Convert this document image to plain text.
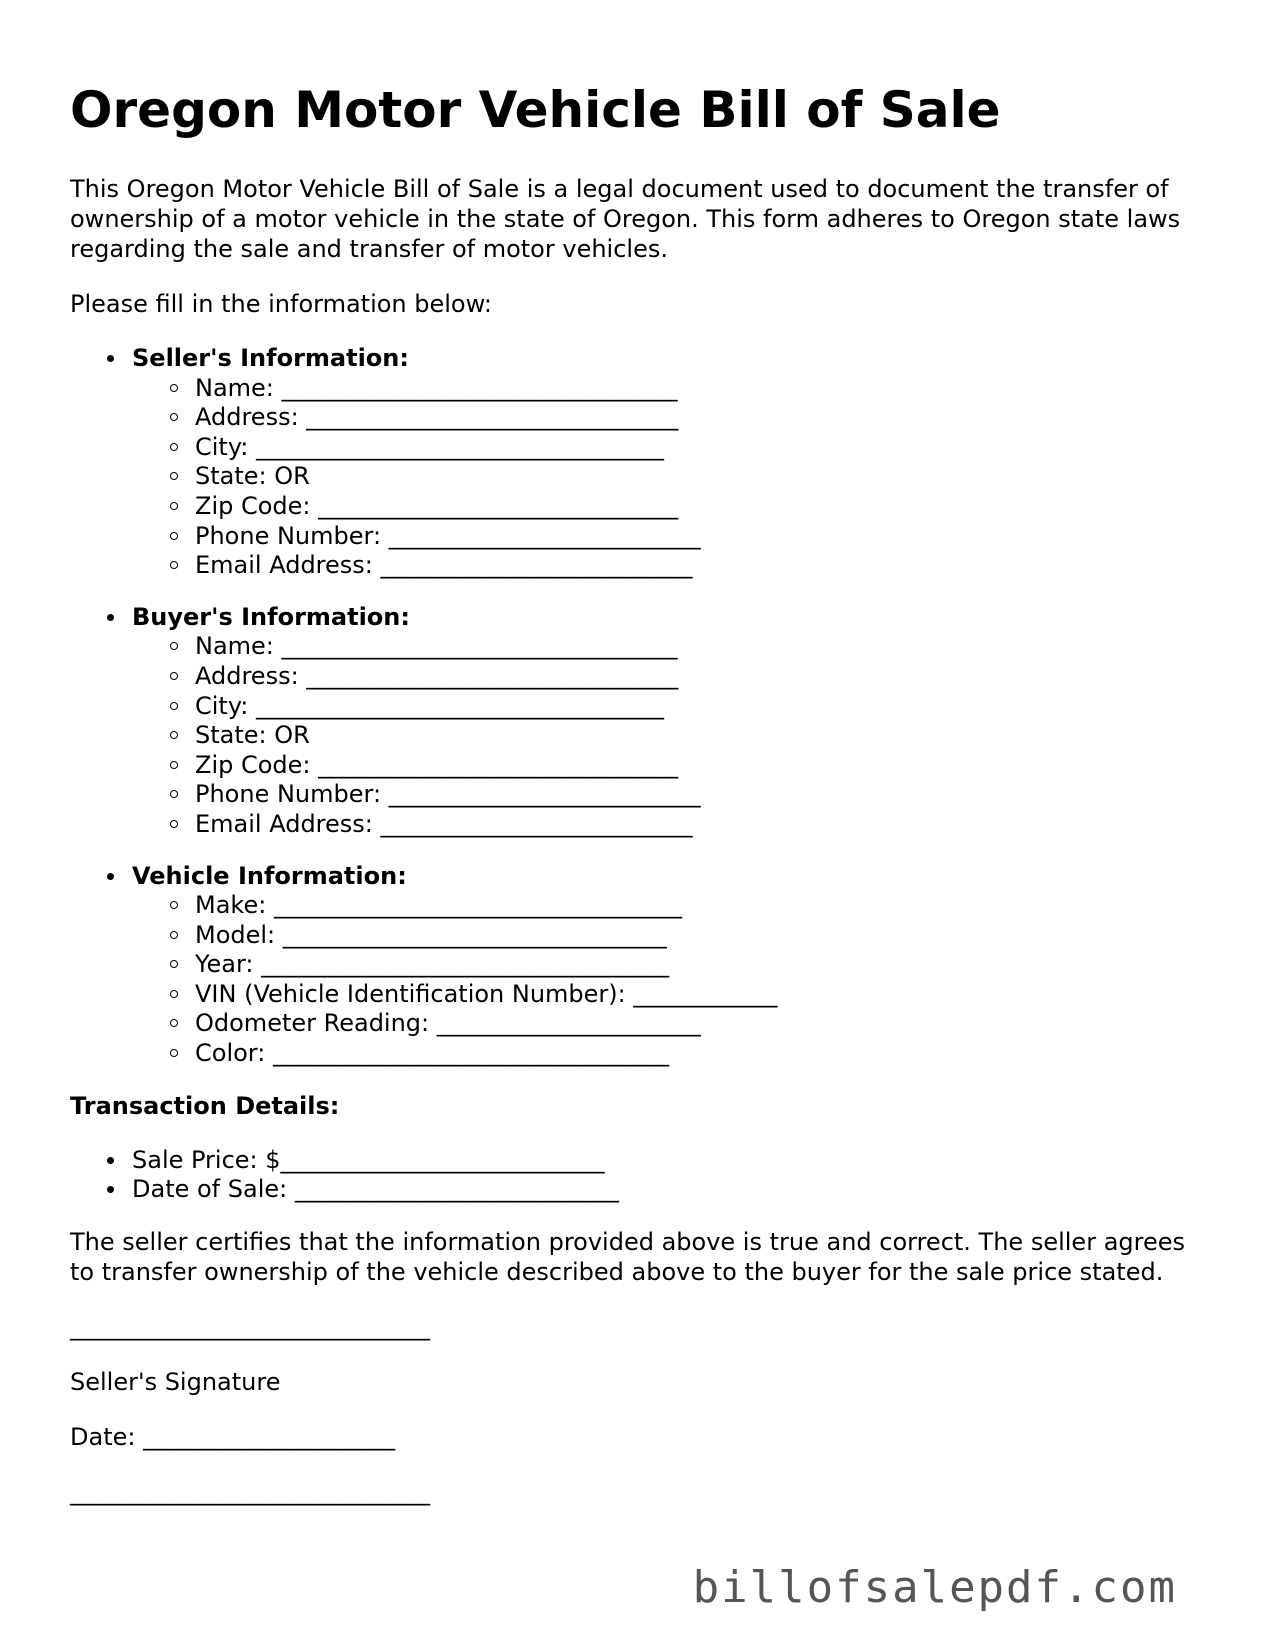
Oregon Motor Vehicle Bill of Sale

This Oregon Motor Vehicle Bill of Sale is a legal document used to document the transfer of ownership of a motor vehicle in the state of Oregon. This form adheres to Oregon state laws regarding the sale and transfer of motor vehicles.

Please fill in the information below:

Seller's Information:
Name: _________________________________
Address: _______________________________
City: __________________________________
State: OR
Zip Code: ______________________________
Phone Number: __________________________
Email Address: __________________________
Buyer's Information:
Name: _________________________________
Address: _______________________________
City: __________________________________
State: OR
Zip Code: ______________________________
Phone Number: __________________________
Email Address: __________________________
Vehicle Information:
Make: __________________________________
Model: ________________________________
Year: __________________________________
VIN (Vehicle Identification Number): ____________
Odometer Reading: ______________________
Color: _________________________________
Transaction Details:
Sale Price: $___________________________
Date of Sale: ___________________________

The seller certifies that the information provided above is true and correct. The seller agrees to transfer ownership of the vehicle described above to the buyer for the sale price stated.

______________________________
Seller's Signature
Date: _____________________
______________________________
billofsalepdf.com
